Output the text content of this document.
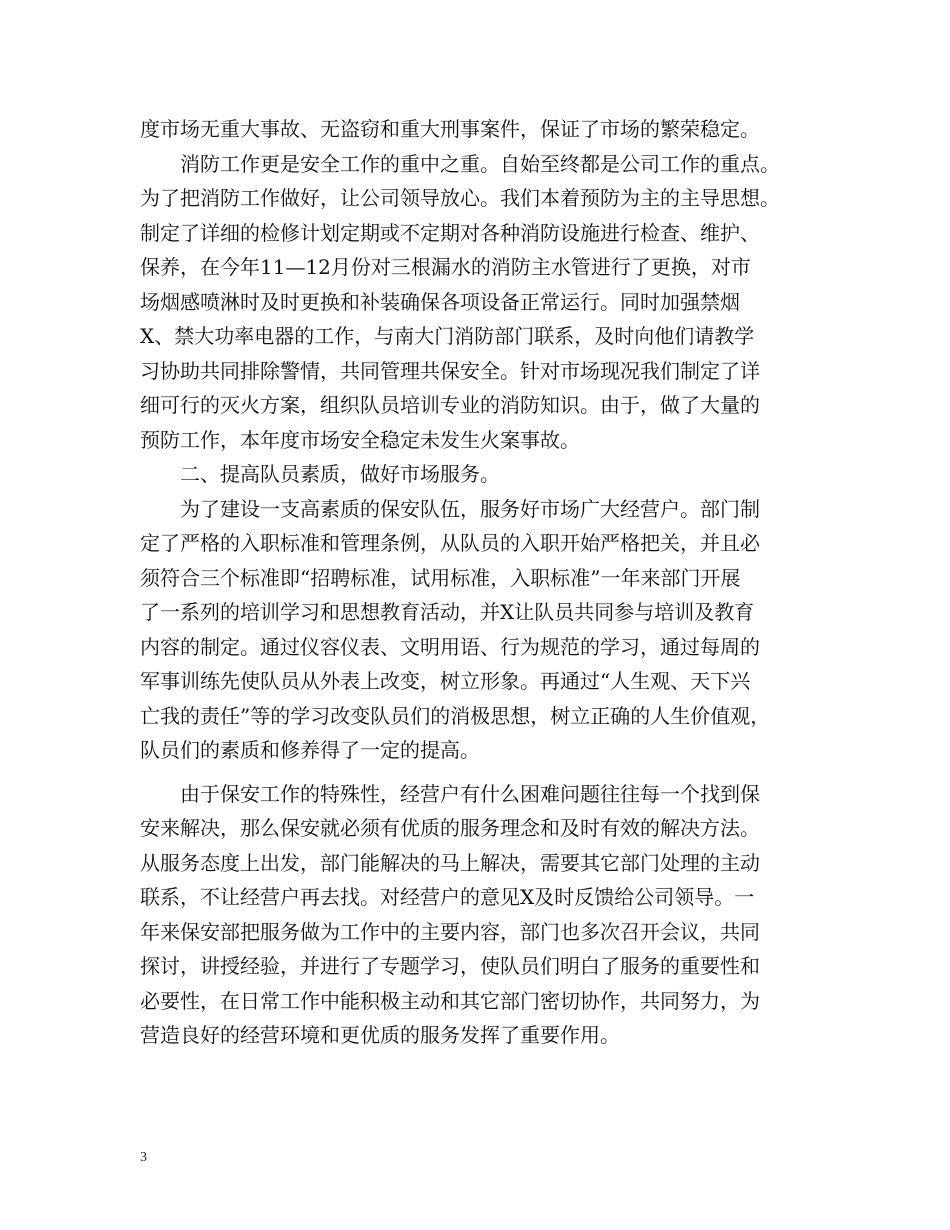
度市场无重大事故、无盗窃和重大刑事案件，保证了市场的繁荣稳定。
　　消防工作更是安全工作的重中之重。自始至终都是公司工作的重点。
为了把消防工作做好，让公司领导放心。我们本着预防为主的主导思想。
制定了详细的检修计划定期或不定期对各种消防设施进行检查、维护、
保养，在今年11—12月份对三根漏水的消防主水管进行了更换，对市
场烟感喷淋时及时更换和补装确保各项设备正常运行。同时加强禁烟
X、禁大功率电器的工作，与南大门消防部门联系，及时向他们请教学
习协助共同排除警情，共同管理共保安全。针对市场现况我们制定了详
细可行的灭火方案，组织队员培训专业的消防知识。由于，做了大量的
预防工作，本年度市场安全稳定未发生火案事故。
　　二、提高队员素质，做好市场服务。
　　为了建设一支高素质的保安队伍，服务好市场广大经营户。部门制
定了严格的入职标准和管理条例，从队员的入职开始严格把关，并且必
须符合三个标准即“招聘标准，试用标准，入职标准”一年来部门开展
了一系列的培训学习和思想教育活动，并X让队员共同参与培训及教育
内容的制定。通过仪容仪表、文明用语、行为规范的学习，通过每周的
军事训练先使队员从外表上改变，树立形象。再通过“人生观、天下兴
亡我的责任”等的学习改变队员们的消极思想，树立正确的人生价值观，
队员们的素质和修养得了一定的提高。
　　由于保安工作的特殊性，经营户有什么困难问题往往每一个找到保
安来解决，那么保安就必须有优质的服务理念和及时有效的解决方法。
从服务态度上出发，部门能解决的马上解决，需要其它部门处理的主动
联系，不让经营户再去找。对经营户的意见X及时反馈给公司领导。一
年来保安部把服务做为工作中的主要内容，部门也多次召开会议，共同
探讨，讲授经验，并进行了专题学习，使队员们明白了服务的重要性和
必要性，在日常工作中能积极主动和其它部门密切协作，共同努力，为
营造良好的经营环境和更优质的服务发挥了重要作用。
3
